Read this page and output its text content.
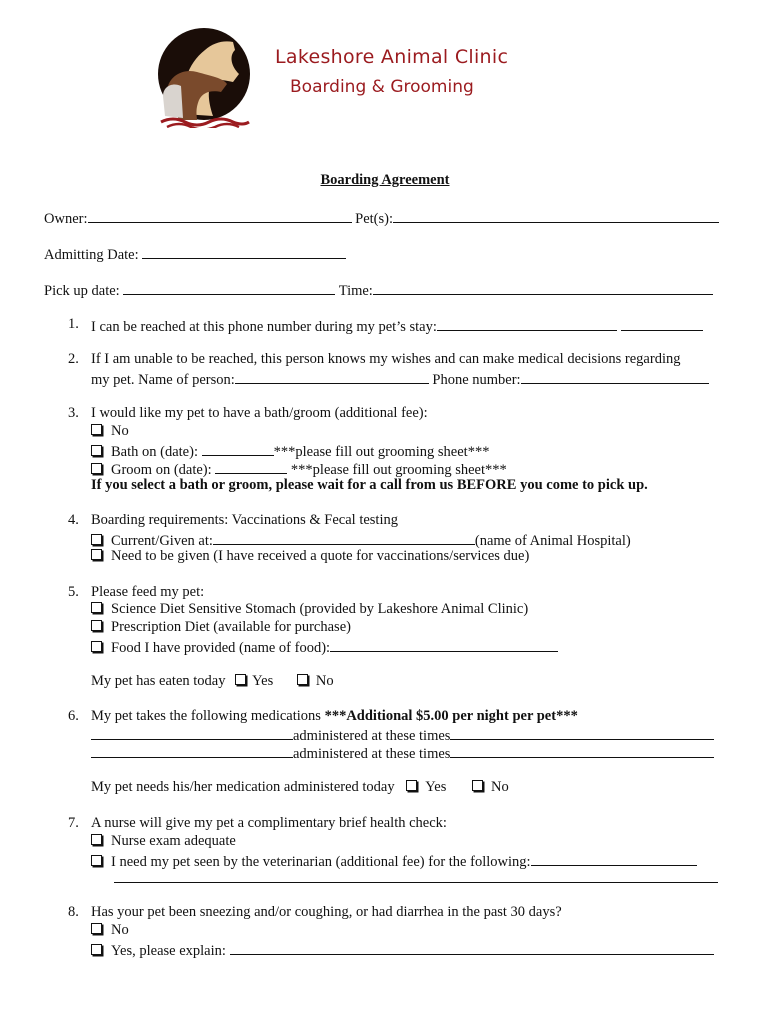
Lakeshore Animal Clinic
Boarding & Grooming
Boarding Agreement
Owner:	Pet(s):
Admitting Date:
Pick up date:	Time:
1. I can be reached at this phone number during my pet’s stay:
2. If I am unable to be reached, this person knows my wishes and can make medical decisions regarding
my pet. Name of person:	Phone number:
3. I would like my pet to have a bath/groom (additional fee):
No
Bath on (date):	***please fill out grooming sheet***
Groom on (date):	***please fill out grooming sheet***
If you select a bath or groom, please wait for a call from us BEFORE you come to pick up.
4. Boarding requirements: Vaccinations & Fecal testing
Current/Given at:	(name of Animal Hospital)
Need to be given (I have received a quote for vaccinations/services due)
5. Please feed my pet:
Science Diet Sensitive Stomach (provided by Lakeshore Animal Clinic)
Prescription Diet (available for purchase)
Food I have provided (name of food):
My pet has eaten today Yes	No
6. My pet takes the following medications ***Additional $5.00 per night per pet***
administered at these times
administered at these times
My pet needs his/her medication administered today Yes	No
7. A nurse will give my pet a complimentary brief health check:
Nurse exam adequate
I need my pet seen by the veterinarian (additional fee) for the following:
8. Has your pet been sneezing and/or coughing, or had diarrhea in the past 30 days?
No
Yes, please explain:
